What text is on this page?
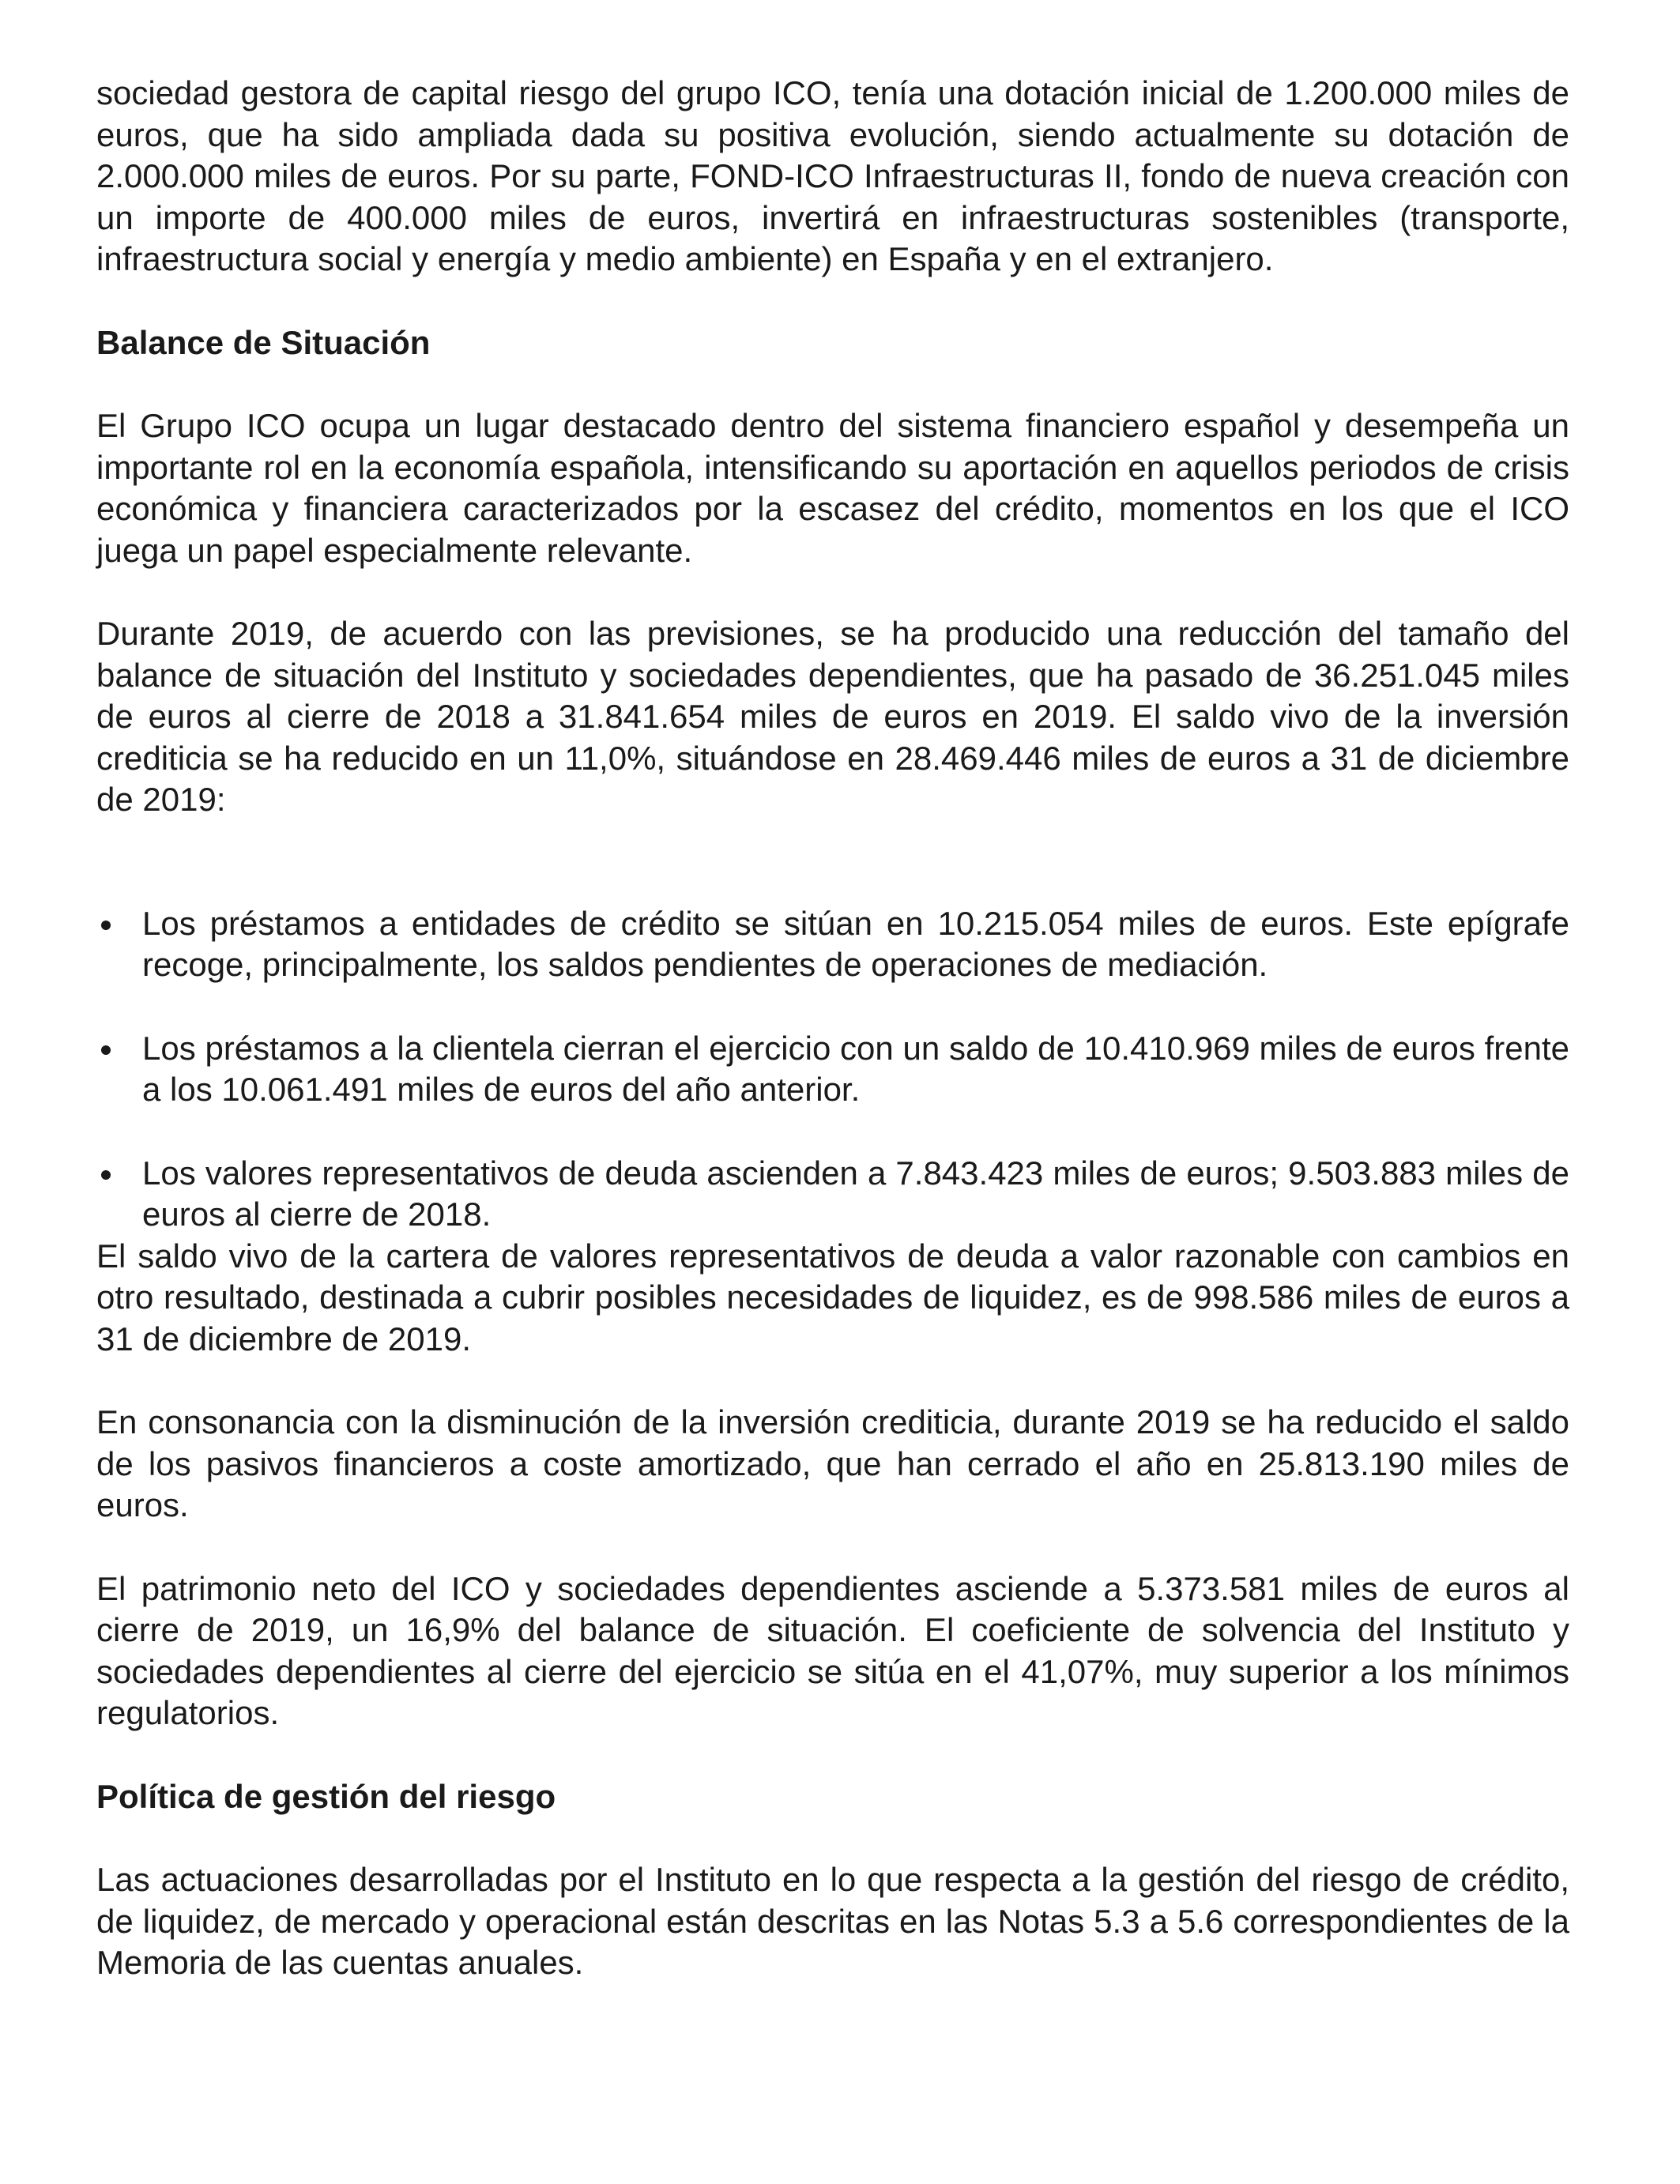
sociedad gestora de capital riesgo del grupo ICO, tenía una dotación inicial de 1.200.000 miles de euros, que ha sido ampliada dada su positiva evolución, siendo actualmente su dotación de 2.000.000 miles de euros. Por su parte, FOND-ICO Infraestructuras II, fondo de nueva creación con un importe de 400.000 miles de euros, invertirá en infraestructuras sostenibles (transporte, infraestructura social y energía y medio ambiente) en España y en el extranjero.

Balance de Situación

El Grupo ICO ocupa un lugar destacado dentro del sistema financiero español y desempeña un importante rol en la economía española, intensificando su aportación en aquellos periodos de crisis económica y financiera caracterizados por la escasez del crédito, momentos en los que el ICO juega un papel especialmente relevante.

Durante 2019, de acuerdo con las previsiones, se ha producido una reducción del tamaño del balance de situación del Instituto y sociedades dependientes, que ha pasado de 36.251.045 miles de euros al cierre de 2018 a 31.841.654 miles de euros en 2019. El saldo vivo de la inversión crediticia se ha reducido en un 11,0%, situándose en 28.469.446 miles de euros a 31 de diciembre de 2019:

Los préstamos a entidades de crédito se sitúan en 10.215.054 miles de euros. Este epígrafe recoge, principalmente, los saldos pendientes de operaciones de mediación.
Los préstamos a la clientela cierran el ejercicio con un saldo de 10.410.969 miles de euros frente a los 10.061.491 miles de euros del año anterior.
Los valores representativos de deuda ascienden a 7.843.423 miles de euros; 9.503.883 miles de euros al cierre de 2018.

El saldo vivo de la cartera de valores representativos de deuda a valor razonable con cambios en otro resultado, destinada a cubrir posibles necesidades de liquidez, es de 998.586 miles de euros a 31 de diciembre de 2019.

En consonancia con la disminución de la inversión crediticia, durante 2019 se ha reducido el saldo de los pasivos financieros a coste amortizado, que han cerrado el año en 25.813.190 miles de euros.

El patrimonio neto del ICO y sociedades dependientes asciende a 5.373.581 miles de euros al cierre de 2019, un 16,9% del balance de situación. El coeficiente de solvencia del Instituto y sociedades dependientes al cierre del ejercicio se sitúa en el 41,07%, muy superior a los mínimos regulatorios.

Política de gestión del riesgo

Las actuaciones desarrolladas por el Instituto en lo que respecta a la gestión del riesgo de crédito, de liquidez, de mercado y operacional están descritas en las Notas 5.3 a 5.6 correspondientes de la Memoria de las cuentas anuales.
